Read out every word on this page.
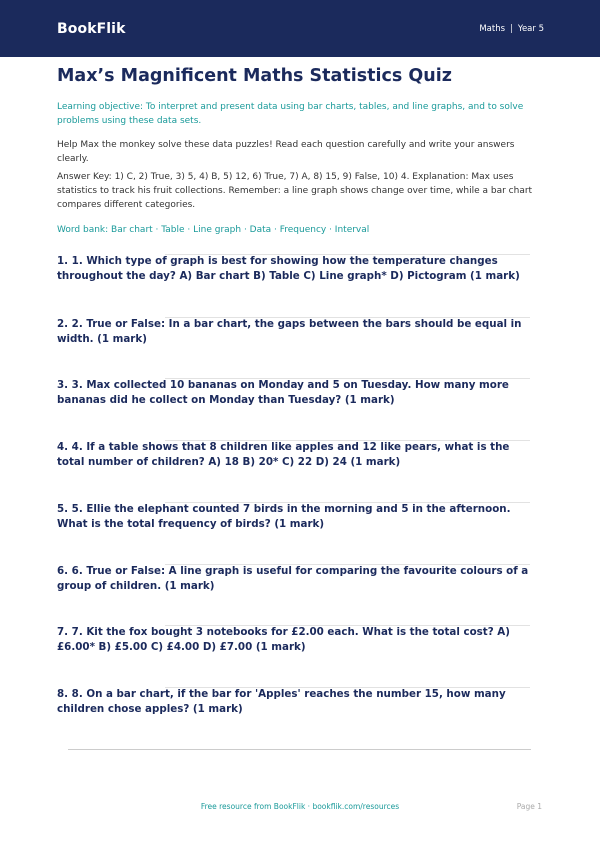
BookFlik	Maths | Year 5
Max’s Magnificent Maths Statistics Quiz

Learning objective: To interpret and present data using bar charts, tables, and line graphs, and to solve problems using these data sets.

Help Max the monkey solve these data puzzles! Read each question carefully and write your answers clearly.

Answer Key: 1) C, 2) True, 3) 5, 4) B, 5) 12, 6) True, 7) A, 8) 15, 9) False, 10) 4. Explanation: Max uses statistics to track his fruit collections. Remember: a line graph shows change over time, while a bar chart compares different categories.

Word bank: Bar chart · Table · Line graph · Data · Frequency · Interval

1. 1. Which type of graph is best for showing how the temperature changes throughout the day? A) Bar chart B) Table C) Line graph* D) Pictogram (1 mark)

2. 2. True or False: In a bar chart, the gaps between the bars should be equal in width. (1 mark)

3. 3. Max collected 10 bananas on Monday and 5 on Tuesday. How many more bananas did he collect on Monday than Tuesday? (1 mark)

4. 4. If a table shows that 8 children like apples and 12 like pears, what is the total number of children? A) 18 B) 20* C) 22 D) 24 (1 mark)

5. 5. Ellie the elephant counted 7 birds in the morning and 5 in the afternoon. What is the total frequency of birds? (1 mark)

6. 6. True or False: A line graph is useful for comparing the favourite colours of a group of children. (1 mark)

7. 7. Kit the fox bought 3 notebooks for £2.00 each. What is the total cost? A) £6.00* B) £5.00 C) £4.00 D) £7.00 (1 mark)

8. 8. On a bar chart, if the bar for 'Apples' reaches the number 15, how many children chose apples? (1 mark)

Free resource from BookFlik · bookflik.com/resources	Page 1
